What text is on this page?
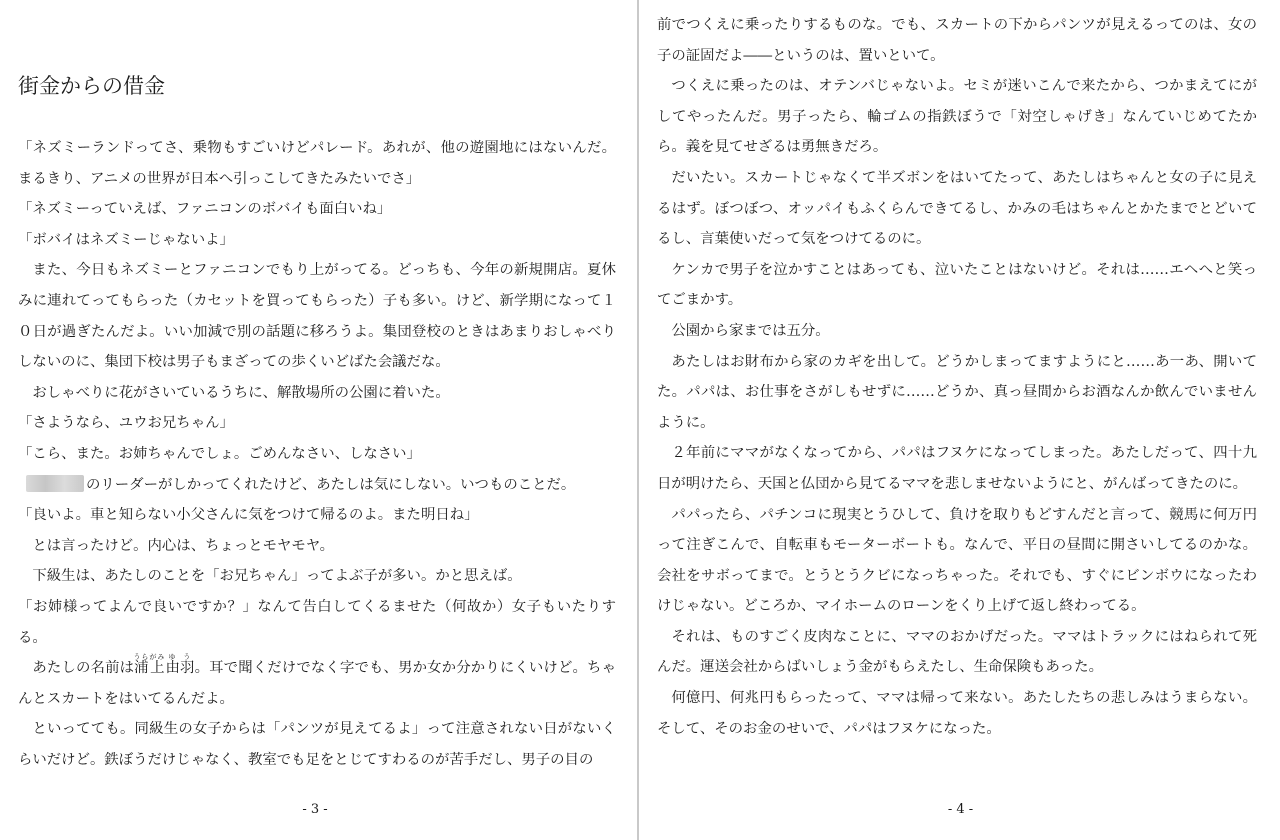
街金からの借金

「ネズミーランドってさ、乗物もすごいけどパレード。あれが、他の遊園地にはないんだ。まるきり、アニメの世界が日本へ引っこしてきたみたいでさ」

「ネズミーっていえば、ファニコンのボバイも面白いね」

「ボバイはネズミーじゃないよ」

また、今日もネズミーとファニコンでもり上がってる。どっちも、今年の新規開店。夏休みに連れてってもらった（カセットを買ってもらった）子も多い。けど、新学期になって１０日が過ぎたんだよ。いい加減で別の話題に移ろうよ。集団登校のときはあまりおしゃべりしないのに、集団下校は男子もまざっての歩くいどばた会議だな。

おしゃべりに花がさいているうちに、解散場所の公園に着いた。

「さようなら、ユウお兄ちゃん」

「こら、また。お姉ちゃんでしょ。ごめんなさい、しなさい」

のリーダーがしかってくれたけど、あたしは気にしない。いつものことだ。

「良いよ。車と知らない小父さんに気をつけて帰るのよ。また明日ね」

とは言ったけど。内心は、ちょっとモヤモヤ。

下級生は、あたしのことを「お兄ちゃん」ってよぶ子が多い。かと思えば。

「お姉様ってよんで良いですか？」なんて告白してくるませた（何故か）女子もいたりする。

あたしの名前は浦うら上がみ由ゆ羽う。耳で聞くだけでなく字でも、男か女か分かりにくいけど。ちゃんとスカートをはいてるんだよ。

といってても。同級生の女子からは「パンツが見えてるよ」って注意されない日がないくらいだけど。鉄ぼうだけじゃなく、教室でも足をとじてすわるのが苦手だし、男子の目の

- 3 -

前でつくえに乗ったりするものな。でも、スカートの下からパンツが見えるってのは、女の子の証固だよ――というのは、置いといて。

つくえに乗ったのは、オテンバじゃないよ。セミが迷いこんで来たから、つかまえてにがしてやったんだ。男子ったら、輪ゴムの指鉄ぼうで「対空しゃげき」なんていじめてたから。義を見てせざるは勇無きだろ。

だいたい。スカートじゃなくて半ズボンをはいてたって、あたしはちゃんと女の子に見えるはず。ぼつぼつ、オッパイもふくらんできてるし、かみの毛はちゃんとかたまでとどいてるし、言葉使いだって気をつけてるのに。

ケンカで男子を泣かすことはあっても、泣いたことはないけど。それは……エヘへと笑ってごまかす。

公園から家までは五分。

あたしはお財布から家のカギを出して。どうかしまってますようにと……あ一あ、開いてた。パパは、お仕事をさがしもせずに……どうか、真っ昼間からお酒なんか飲んでいませんように。

２年前にママがなくなってから、パパはフヌケになってしまった。あたしだって、四十九日が明けたら、天国と仏団から見てるママを悲しませないようにと、がんばってきたのに。

パパったら、パチンコに現実とうひして、負けを取りもどすんだと言って、競馬に何万円って注ぎこんで、自転車もモーターボートも。なんで、平日の昼間に開さいしてるのかな。会社をサボってまで。とうとうクビになっちゃった。それでも、すぐにビンボウになったわけじゃない。どころか、マイホームのローンをくり上げて返し終わってる。

それは、ものすごく皮肉なことに、ママのおかげだった。ママはトラックにはねられて死んだ。運送会社からばいしょう金がもらえたし、生命保険もあった。

何億円、何兆円もらったって、ママは帰って来ない。あたしたちの悲しみはうまらない。そして、そのお金のせいで、パパはフヌケになった。

- 4 -
